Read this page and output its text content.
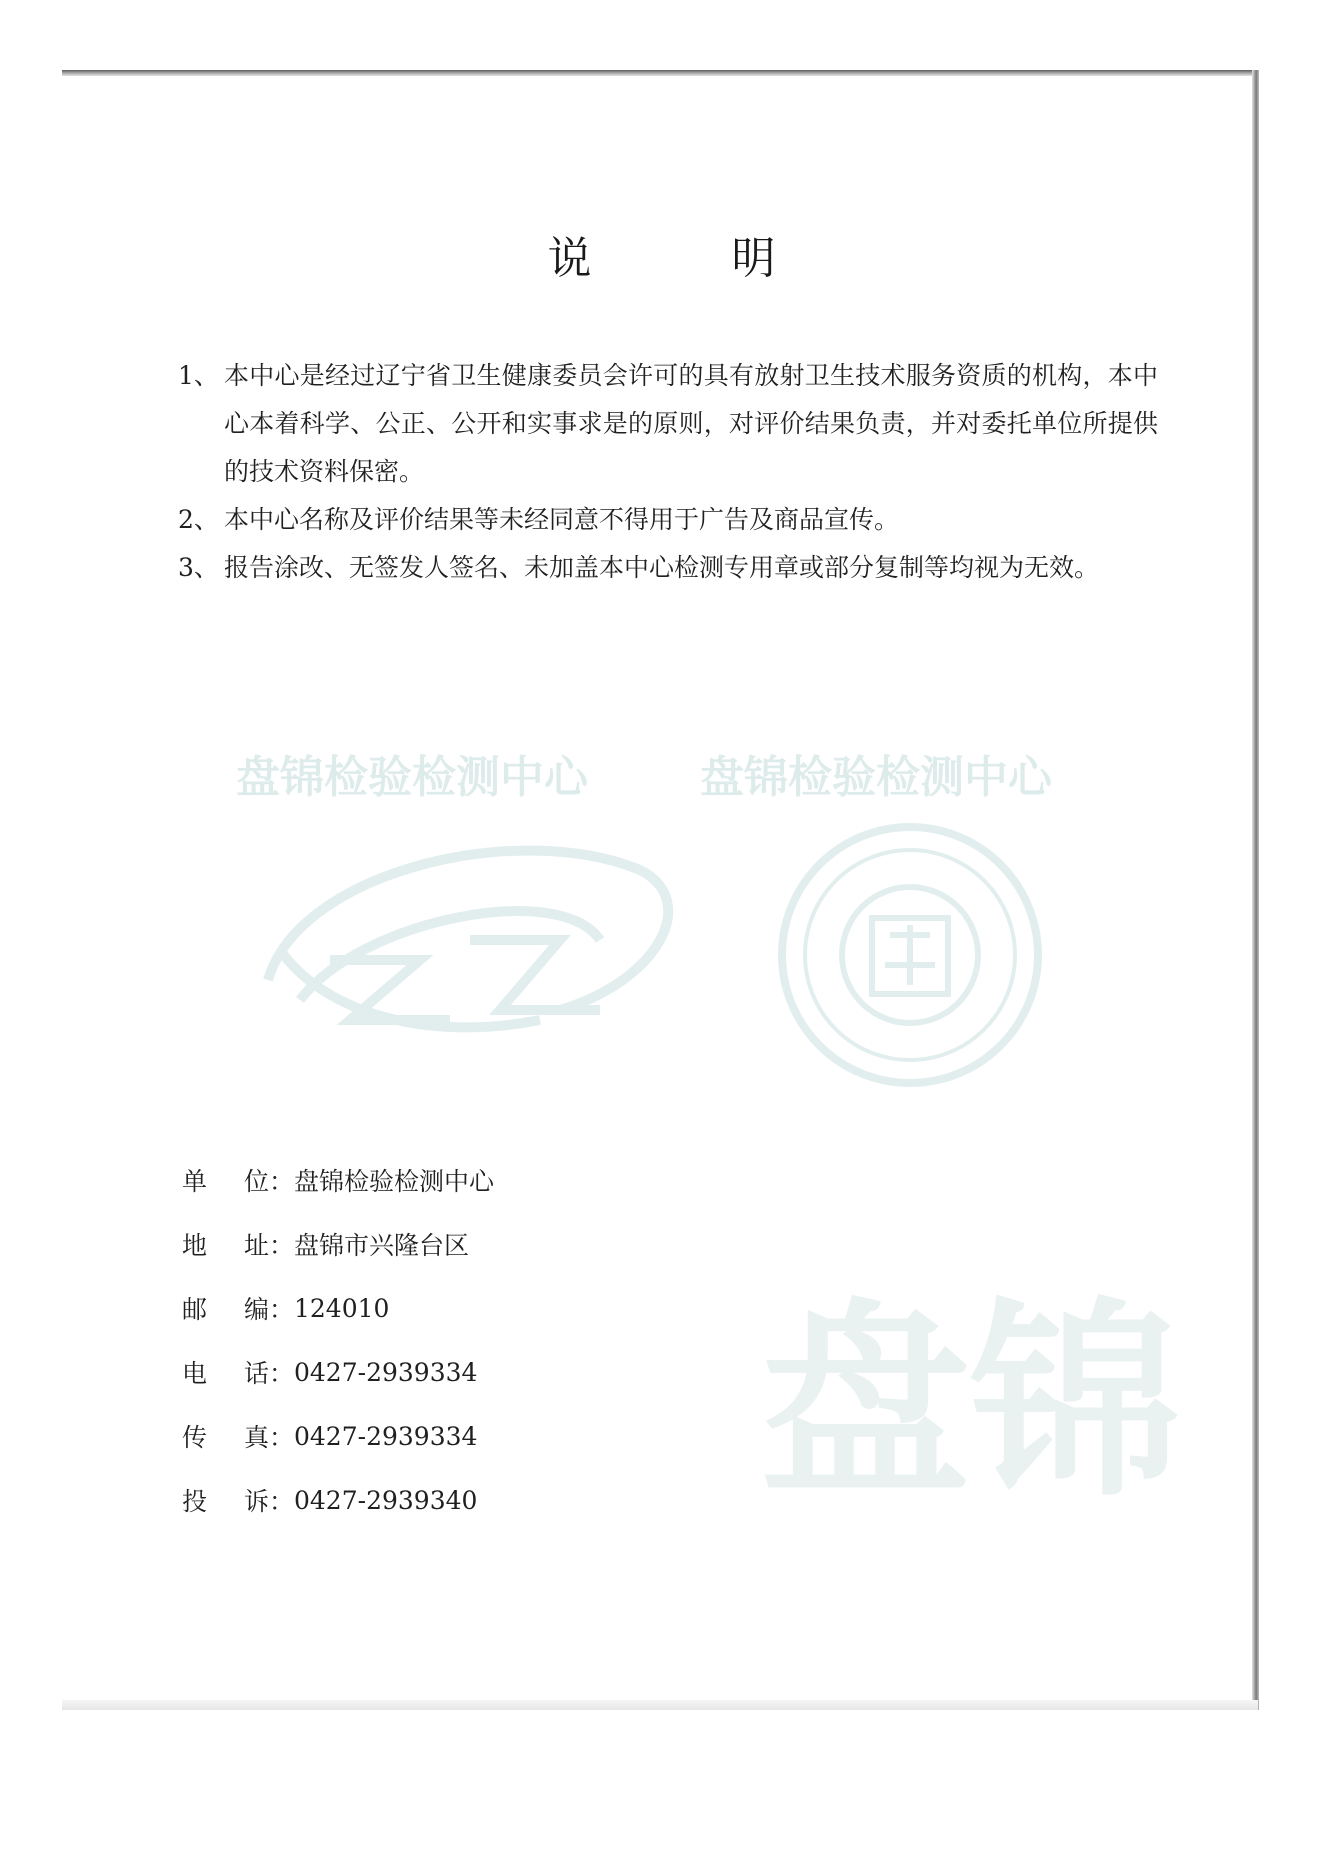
盘锦检验检测中心	盘锦检验检测中心
盘锦
说　明
1、 本中心是经过辽宁省卫生健康委员会许可的具有放射卫生技术服务资质的机构，本中心本着科学、公正、公开和实事求是的原则，对评价结果负责，并对委托单位所提供的技术资料保密。
2、 本中心名称及评价结果等未经同意不得用于广告及商品宣传。
3、 报告涂改、无签发人签名、未加盖本中心检测专用章或部分复制等均视为无效。
单 位： 盘锦检验检测中心
地 址： 盘锦市兴隆台区
邮 编： 124010
电 话： 0427-2939334
传 真： 0427-2939334
投 诉： 0427-2939340
